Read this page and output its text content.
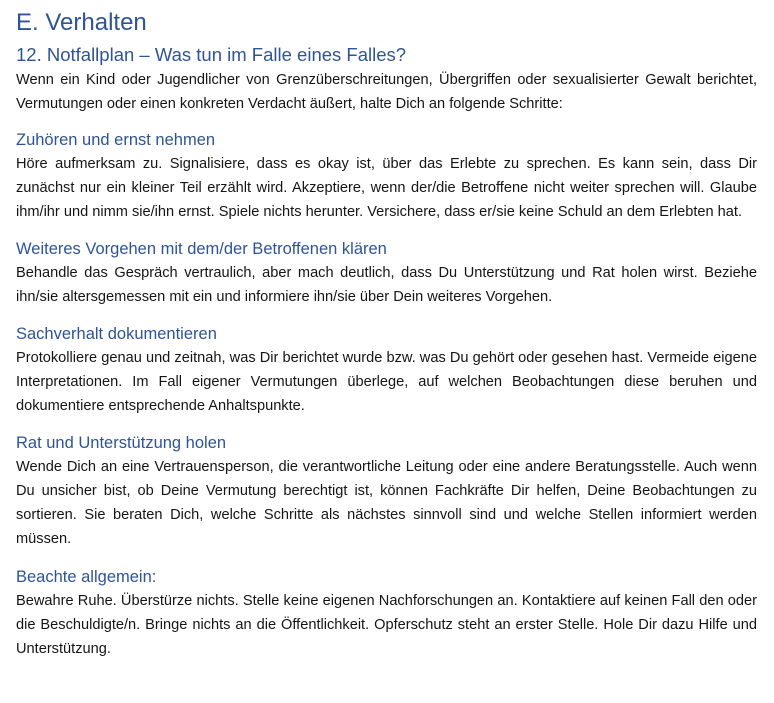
E. Verhalten
12. Notfallplan – Was tun im Falle eines Falles?

Wenn ein Kind oder Jugendlicher von Grenzüberschreitungen, Übergriffen oder sexualisierter Gewalt berichtet, Vermutungen oder einen konkreten Verdacht äußert, halte Dich an folgende Schritte:

Zuhören und ernst nehmen

Höre aufmerksam zu. Signalisiere, dass es okay ist, über das Erlebte zu sprechen. Es kann sein, dass Dir zunächst nur ein kleiner Teil erzählt wird. Akzeptiere, wenn der/die Betroffene nicht weiter sprechen will. Glaube ihm/ihr und nimm sie/ihn ernst. Spiele nichts herunter. Versichere, dass er/sie keine Schuld an dem Erlebten hat.

Weiteres Vorgehen mit dem/der Betroffenen klären

Behandle das Gespräch vertraulich, aber mach deutlich, dass Du Unterstützung und Rat holen wirst. Beziehe ihn/sie altersgemessen mit ein und informiere ihn/sie über Dein weiteres Vorgehen.

Sachverhalt dokumentieren

Protokolliere genau und zeitnah, was Dir berichtet wurde bzw. was Du gehört oder gesehen hast. Vermeide eigene Interpretationen. Im Fall eigener Vermutungen überlege, auf welchen Beobachtungen diese beruhen und dokumentiere entsprechende Anhaltspunkte.

Rat und Unterstützung holen

Wende Dich an eine Vertrauensperson, die verantwortliche Leitung oder eine andere Beratungsstelle. Auch wenn Du unsicher bist, ob Deine Vermutung berechtigt ist, können Fachkräfte Dir helfen, Deine Beobachtungen zu sortieren. Sie beraten Dich, welche Schritte als nächstes sinnvoll sind und welche Stellen informiert werden müssen.

Beachte allgemein:

Bewahre Ruhe. Überstürze nichts. Stelle keine eigenen Nachforschungen an. Kontaktiere auf keinen Fall den oder die Beschuldigte/n. Bringe nichts an die Öffentlichkeit. Opferschutz steht an erster Stelle. Hole Dir dazu Hilfe und Unterstützung.
